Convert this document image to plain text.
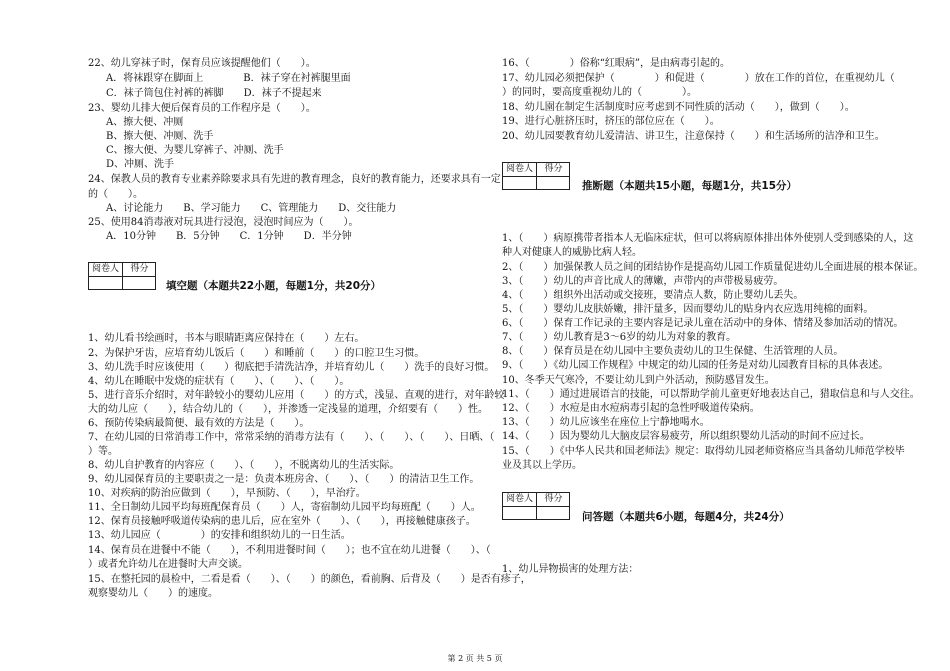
22、幼儿穿袜子时，保育员应该提醒他们（　　）。
A．将袜跟穿在脚面上　　　　B．袜子穿在衬裤腿里面
C．袜子筒包住衬裤的裤脚　　D．袜子不提起来
23、婴幼儿排大便后保育员的工作程序是（　　）。
A、擦大便、冲厕
B、擦大便、冲厕、洗手
C、擦大便、为婴儿穿裤子、冲厕、洗手
D、冲厕、洗手
24、保教人员的教育专业素养除要求具有先进的教育理念，良好的教育能力，还要求具有一定
的（　　）。
A、讨论能力　　B、学习能力　　C、管理能力　　D、交往能力
25、使用84消毒液对玩具进行浸泡，浸泡时间应为（　　）。
A．10分钟　　B．5分钟　　C．1分钟　　D．半分钟
阅卷人	得分
填空题（本题共22小题，每题1分，共20分）
1、幼儿看书绘画时，书本与眼睛距离应保持在（　　）左右。
2、为保护牙齿，应培育幼儿饭后（　　）和睡前（　　）的口腔卫生习惯。
3、幼儿洗手时应该使用（　　）彻底把手清洗洁净，并培育幼儿（　　）洗手的良好习惯。
4、幼儿在睡眠中发烧的症状有（　　）、（　　）、（　　）。
5、进行音乐介绍时，对年龄较小的婴幼儿应用（　　）的方式，浅显、直观的进行，对年龄较
大的幼儿应（　　），结合幼儿的（　　），并渗透一定浅显的道理，介绍要有（　　）性。
6、预防传染病最简便、最有效的方法是（　　）。
7、在幼儿园的日常消毒工作中，常常采纳的消毒方法有（　　）、（　　）、（　　）、日晒、（　　
）等。
8、幼儿自护教育的内容应（　　）、（　　），不脱离幼儿的生活实际。
9、幼儿园保育员的主要职责之一是：负责本班房舍、（　　）、（　　）的清洁卫生工作。
10、对疾病的防治应做到（　　），早预防、（　　），早治疗。
11、全日制幼儿园平均每班配保育员（　　）人，寄宿制幼儿园平均每班配（　　）人。
12、保育员接触呼吸道传染病的患儿后，应在室外（　　）、（　　），再接触健康孩子。
13、幼儿园应（　　　　）的安排和组织幼儿的一日生活。
14、保育员在进餐中不能（　　），不利用进餐时间（　　）；也不宜在幼儿进餐（　　）、（　　
）或者允许幼儿在进餐时大声交谈。
15、在整托园的晨检中，二看是看（　　）、（　　）的颜色，看前胸、后背及（　　）是否有疹子，
观察婴幼儿（　　）的速度。
16、（　　　　）俗称“红眼病”，是由病毒引起的。
17、幼儿园必须把保护（　　　　）和促进（　　　　）放在工作的首位，在重视幼儿（　　
）的同时，要高度重视幼儿的（　　　　）。
18、幼儿園在制定生活制度时应考虑到不同性质的活动（　　），做到（　　）。
19、进行心脏挤压时，挤压的部位应在（　　）。
20、幼儿园要教育幼儿爱清洁、讲卫生，注意保持（　　）和生活场所的洁净和卫生。
阅卷人	得分
推断题（本题共15小题，每题1分，共15分）
1、（　　）病原携带者指本人无临床症状，但可以将病原体排出体外使别人受到感染的人，这
种人对健康人的威胁比病人轻。
2、（　　）加强保教人员之间的团结协作是提高幼儿园工作质量促进幼儿全面进展的根本保证。
3、（　　）幼儿的声音比成人的薄嫩，声带内的声带极易疲劳。
4、（　　）组织外出活动或交接班，要清点人数，防止婴幼儿丢失。
5、（　　）婴幼儿皮肤娇嫩，排汗量多，因而婴幼儿的贴身内衣应选用纯棉的面料。
6、（　　）保育工作记录的主要内容是记录儿童在活动中的身体、情绪及参加活动的情况。
7、（　　）幼儿教育是3～6岁的幼儿为对象的教育。
8、（　　）保育员是在幼儿园中主要负责幼儿的卫生保健、生活管理的人员。
9、（　　）《幼儿园工作规程》中规定的幼儿园的任务是对幼儿园教育目标的具体表述。
10、冬季天气寒冷，不要让幼儿到户外活动，预防感冒发生。
11、（　　）通过进展语言的技能，可以帮助学前儿童更好地表达自己，猎取信息和与人交往。
12、（　　）水痘是由水痘病毒引起的急性呼吸道传染病。
13、（　　）幼儿应该坐在座位上宁静地喝水。
14、（　　）因为婴幼儿大脑皮层容易疲劳，所以组织婴幼儿活动的时间不应过长。
15、（　　）《中华人民共和国老师法》规定：取得幼儿园老师资格应当具备幼儿师范学校毕
业及其以上学历。
阅卷人	得分
问答题（本题共6小题，每题4分，共24分）
1、幼儿异物损害的处理方法：
第 2 页 共 5 页
